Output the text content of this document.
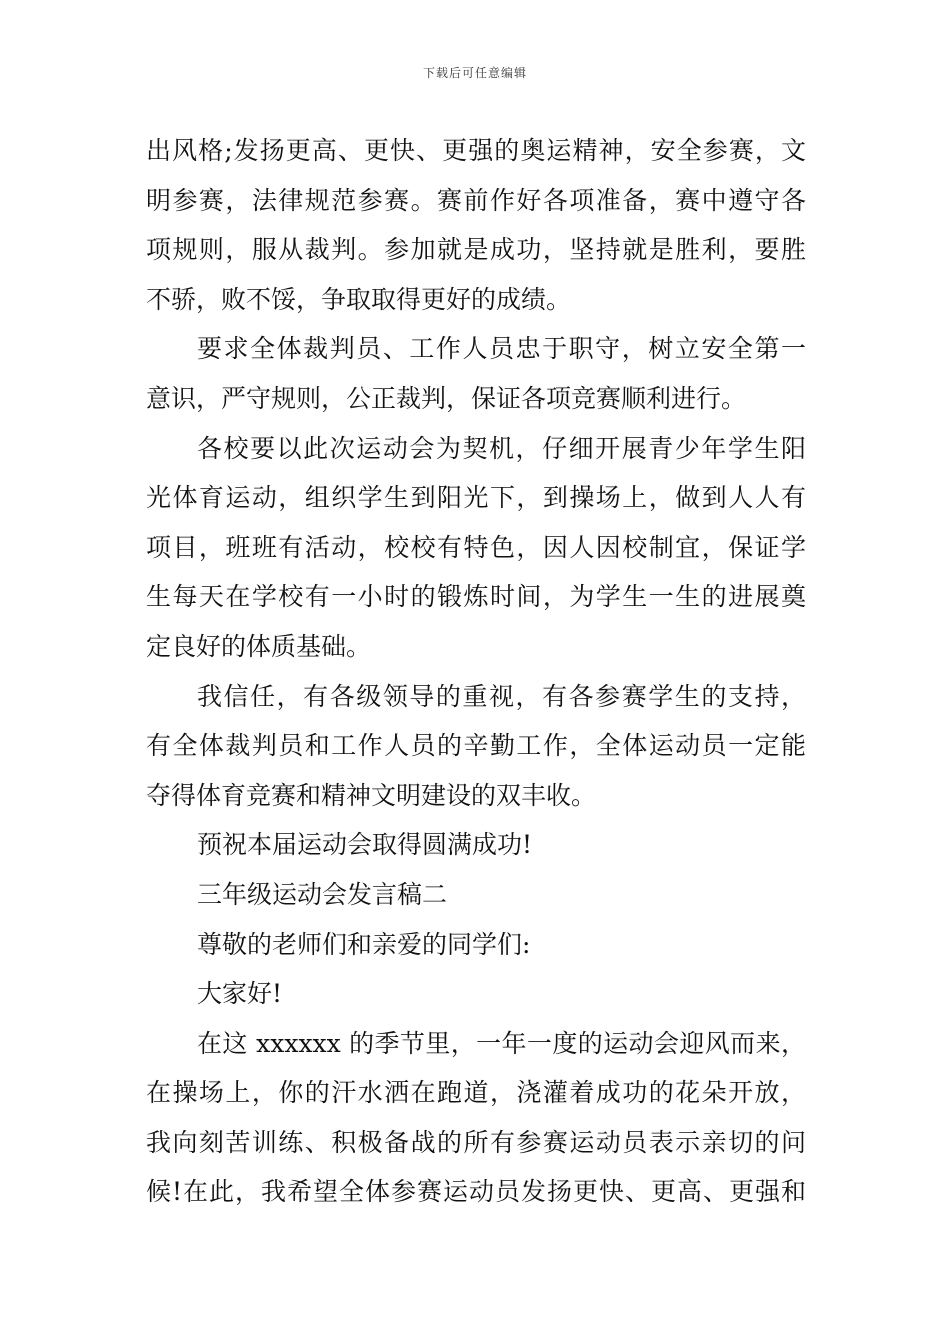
下载后可任意编辑
出风格;发扬更高、更快、更强的奥运精神，安全参赛，文
明参赛，法律规范参赛。赛前作好各项准备，赛中遵守各
项规则，服从裁判。参加就是成功，坚持就是胜利，要胜
不骄，败不馁，争取取得更好的成绩。
要求全体裁判员、工作人员忠于职守，树立安全第一
意识，严守规则，公正裁判，保证各项竞赛顺利进行。
各校要以此次运动会为契机，仔细开展青少年学生阳
光体育运动，组织学生到阳光下，到操场上，做到人人有
项目，班班有活动，校校有特色，因人因校制宜，保证学
生每天在学校有一小时的锻炼时间，为学生一生的进展奠
定良好的体质基础。
我信任，有各级领导的重视，有各参赛学生的支持，
有全体裁判员和工作人员的辛勤工作，全体运动员一定能
夺得体育竞赛和精神文明建设的双丰收。
预祝本届运动会取得圆满成功!
三年级运动会发言稿二
尊敬的老师们和亲爱的同学们:
大家好!
在这 xxxxxx 的季节里，一年一度的运动会迎风而来，
在操场上，你的汗水洒在跑道，浇灌着成功的花朵开放，
我向刻苦训练、积极备战的所有参赛运动员表示亲切的问
候!在此，我希望全体参赛运动员发扬更快、更高、更强和
